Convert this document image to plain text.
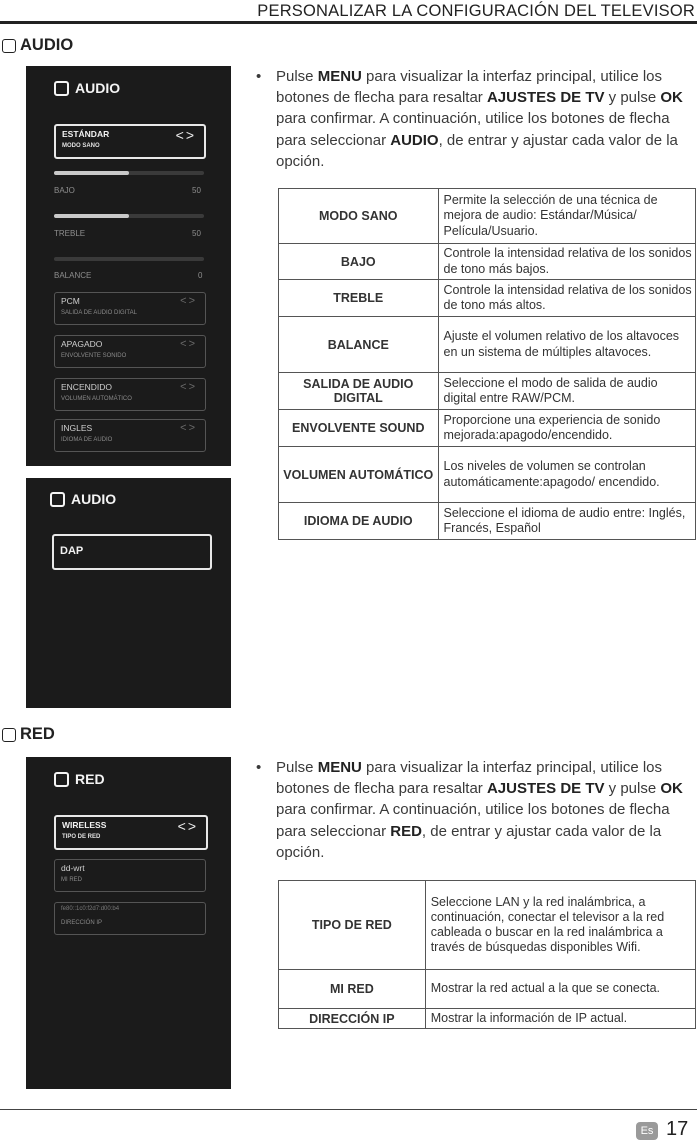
PERSONALIZAR LA CONFIGURACIÓN DEL TELEVISOR
AUDIO
AUDIO
ESTÁNDAR
MODO SANO
<>
BAJO	50
TREBLE	50
BALANCE	0
PCM
SALIDA DE AUDIO DIGITAL
<>
APAGADO
ENVOLVENTE SONIDO
<>
ENCENDIDO
VOLUMEN AUTOMÁTICO
<>
INGLES
IDIOMA DE AUDIO
<>
AUDIO
DAP
• Pulse MENU para visualizar la interfaz principal, utilice los botones de flecha para resaltar AJUSTES DE TV y pulse OK para confirmar. A continuación, utilice los botones de flecha para seleccionar AUDIO, de entrar y ajustar cada valor de la opción.
MODO SANO	Permite la selección de una técnica de mejora de audio: Estándar/Música/ Película/Usuario.
BAJO	Controle la intensidad relativa de los sonidos de tono más bajos.
TREBLE	Controle la intensidad relativa de los sonidos de tono más altos.
BALANCE	Ajuste el volumen relativo de los altavoces en un sistema de múltiples altavoces.
SALIDA DE AUDIO DIGITAL	Seleccione el modo de salida de audio digital entre RAW/PCM.
ENVOLVENTE SOUND	Proporcione una experiencia de sonido mejorada:apagodo/encendido.
VOLUMEN AUTOMÁTICO	Los niveles de volumen se controlan automáticamente:apagodo/ encendido.
IDIOMA DE AUDIO	Seleccione el idioma de audio entre: Inglés, Francés, Español
RED
RED
WIRELESS
TIPO DE RED
<>
dd-wrt
MI RED
fe80::1c0:f2d7:d00:b4
DIRECCIÓN IP
• Pulse MENU para visualizar la interfaz principal, utilice los botones de flecha para resaltar AJUSTES DE TV y pulse OK para confirmar. A continuación, utilice los botones de flecha para seleccionar RED, de entrar y ajustar cada valor de la opción.
TIPO DE RED	Seleccione LAN y la red inalámbrica, a continuación, conectar el televisor a la red cableada o buscar en la red inalámbrica a través de búsquedas disponibles Wifi.
MI RED	Mostrar la red actual a la que se conecta.
DIRECCIÓN IP	Mostrar la información de IP actual.
Es 17
